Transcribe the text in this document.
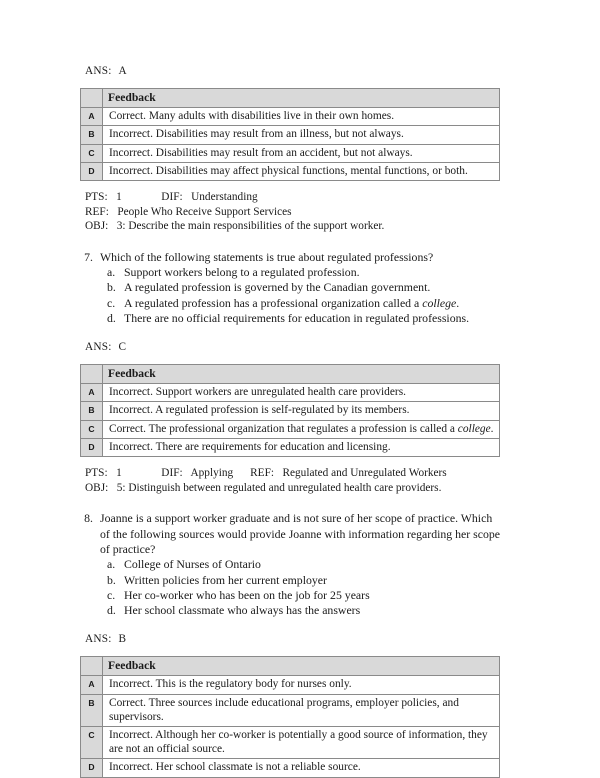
ANS: A
	Feedback
A	Correct. Many adults with disabilities live in their own homes.
B	Incorrect. Disabilities may result from an illness, but not always.
C	Incorrect. Disabilities may result from an accident, but not always.
D	Incorrect. Disabilities may affect physical functions, mental functions, or both.
PTS: 1	DIF: Understanding
REF: People Who Receive Support Services
OBJ: 3: Describe the main responsibilities of the support worker.
7. Which of the following statements is true about regulated professions?
a. Support workers belong to a regulated profession.
b. A regulated profession is governed by the Canadian government.
c. A regulated profession has a professional organization called a college.
d. There are no official requirements for education in regulated professions.
ANS: C
	Feedback
A	Incorrect. Support workers are unregulated health care providers.
B	Incorrect. A regulated profession is self-regulated by its members.
C	Correct. The professional organization that regulates a profession is called a college.
D	Incorrect. There are requirements for education and licensing.
PTS: 1	DIF: Applying REF: Regulated and Unregulated Workers
OBJ: 5: Distinguish between regulated and unregulated health care providers.
8. Joanne is a support worker graduate and is not sure of her scope of practice. Which of the following sources would provide Joanne with information regarding her scope of practice?
a. College of Nurses of Ontario
b. Written policies from her current employer
c. Her co-worker who has been on the job for 25 years
d. Her school classmate who always has the answers
ANS: B
	Feedback
A	Incorrect. This is the regulatory body for nurses only.
B	Correct. Three sources include educational programs, employer policies, and supervisors.
C	Incorrect. Although her co-worker is potentially a good source of information, they are not an official source.
D	Incorrect. Her school classmate is not a reliable source.
